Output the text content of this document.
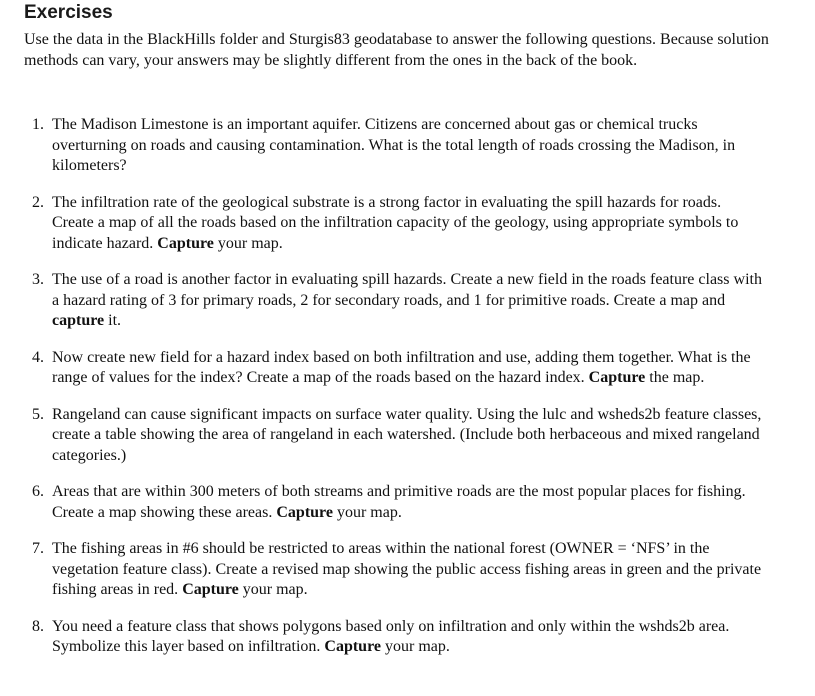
Exercises

Use the data in the BlackHills folder and Sturgis83 geodatabase to answer the following questions. Because solution methods can vary, your answers may be slightly different from the ones in the back of the book.

1. The Madison Limestone is an important aquifer. Citizens are concerned about gas or chemical trucks overturning on roads and causing contamination. What is the total length of roads crossing the Madison, in kilometers?
2. The infiltration rate of the geological substrate is a strong factor in evaluating the spill hazards for roads. Create a map of all the roads based on the infiltration capacity of the geology, using appropriate symbols to indicate hazard. Capture your map.
3. The use of a road is another factor in evaluating spill hazards. Create a new field in the roads feature class with a hazard rating of 3 for primary roads, 2 for secondary roads, and 1 for primitive roads. Create a map and capture it.
4. Now create new field for a hazard index based on both infiltration and use, adding them together. What is the range of values for the index? Create a map of the roads based on the hazard index. Capture the map.
5. Rangeland can cause significant impacts on surface water quality. Using the lulc and wsheds2b feature classes, create a table showing the area of rangeland in each watershed. (Include both herbaceous and mixed rangeland categories.)
6. Areas that are within 300 meters of both streams and primitive roads are the most popular places for fishing. Create a map showing these areas. Capture your map.
7. The fishing areas in #6 should be restricted to areas within the national forest (OWNER = ‘NFS’ in the vegetation feature class). Create a revised map showing the public access fishing areas in green and the private fishing areas in red. Capture your map.
8. You need a feature class that shows polygons based only on infiltration and only within the wshds2b area. Symbolize this layer based on infiltration. Capture your map.
